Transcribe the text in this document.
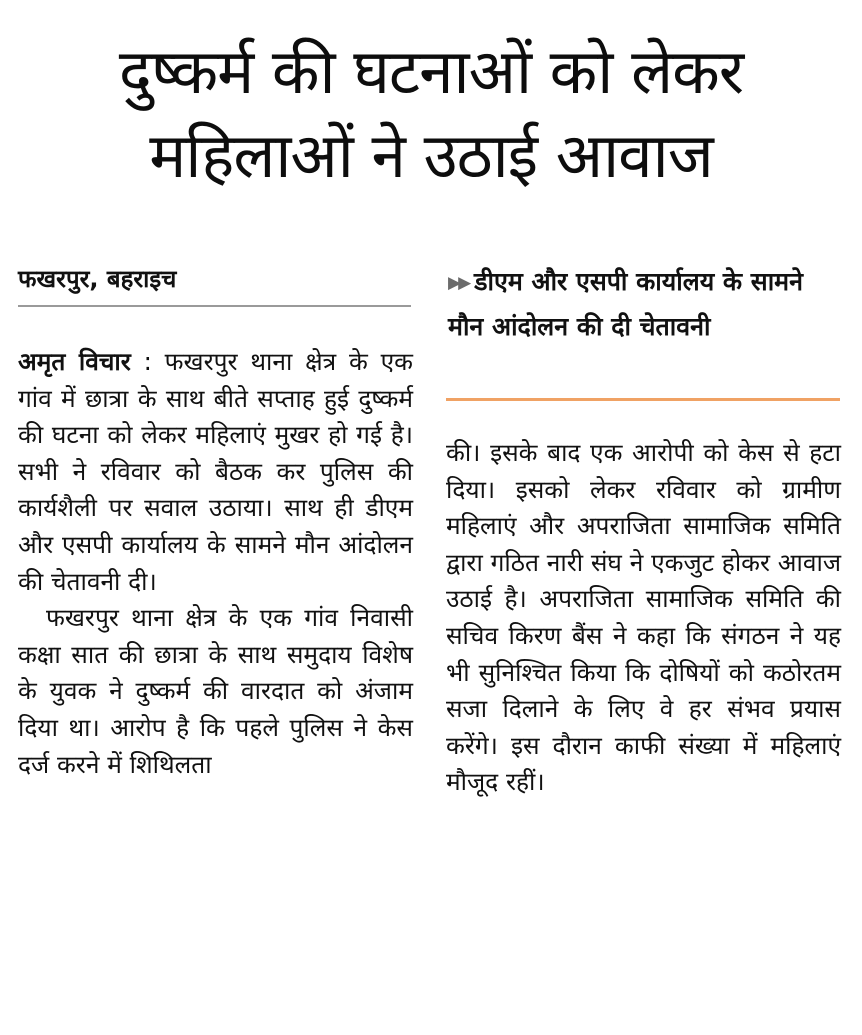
दुष्कर्म की घटनाओं को लेकर
महिलाओं ने उठाई आवाज
फखरपुर, बहराइच	▶▶ डीएम और एसपी कार्यालय के सामने मौन आंदोलन की दी चेतावनी

अमृत विचार : फखरपुर थाना क्षेत्र के एक गांव में छात्रा के साथ बीते सप्ताह हुई दुष्कर्म की घटना को लेकर महिलाएं मुखर हो गई है। सभी ने रविवार को बैठक कर पुलिस की कार्यशैली पर सवाल उठाया। साथ ही डीएम और एसपी कार्यालय के सामने मौन आंदोलन की चेतावनी दी।

फखरपुर थाना क्षेत्र के एक गांव निवासी कक्षा सात की छात्रा के साथ समुदाय विशेष के युवक ने दुष्कर्म की वारदात को अंजाम दिया था। आरोप है कि पहले पुलिस ने केस दर्ज करने में शिथिलता

की। इसके बाद एक आरोपी को केस से हटा दिया। इसको लेकर रविवार को ग्रामीण महिलाएं और अपराजिता सामाजिक समिति द्वारा गठित नारी संघ ने एकजुट होकर आवाज उठाई है। अपराजिता सामाजिक समिति की सचिव किरण बैंस ने कहा कि संगठन ने यह भी सुनिश्चित किया कि दोषियों को कठोरतम सजा दिलाने के लिए वे हर संभव प्रयास करेंगे। इस दौरान काफी संख्या में महिलाएं मौजूद रहीं।
